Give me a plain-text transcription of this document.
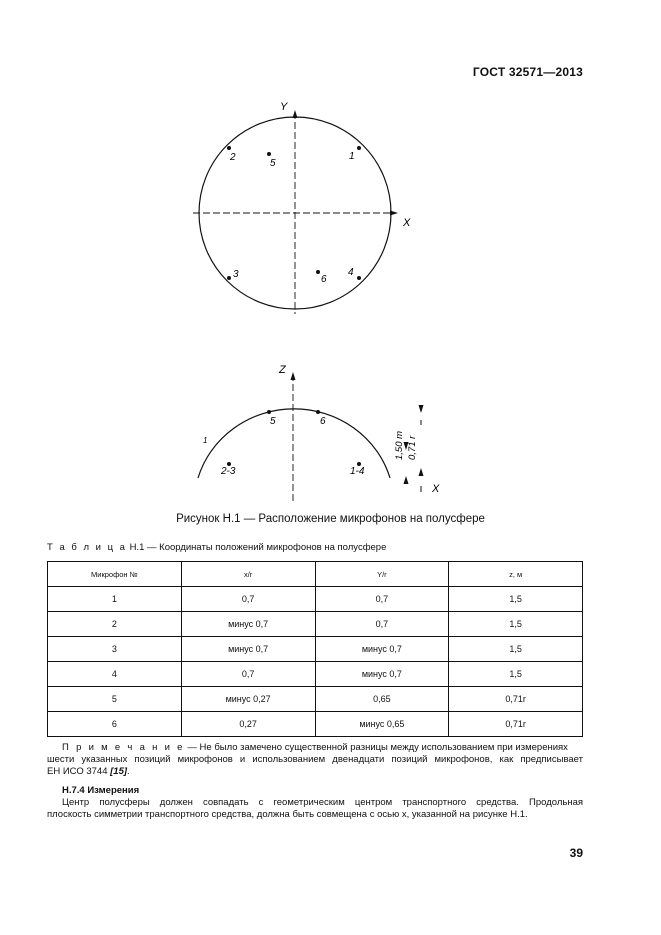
ГОСТ 32571—2013
Y
X
1
2
3	4
5
6
Z
X
5	6
2-3	1-4
1	1,50 m 0,71 r
Рисунок Н.1 — Расположение микрофонов на полусфере
Т а б л и ц а Н.1 — Координаты положений микрофонов на полусфере
Микрофон №	x/r	Y/r	z, м
1	0,7	0,7	1,5
2	минус 0,7	0,7	1,5
3	минус 0,7	минус 0,7	1,5
4	0,7	минус 0,7	1,5
5	минус 0,27	0,65	0,71r
6	0,27	минус 0,65	0,71r
П р и м е ч а н и е — Не было замечено существенной разницы между использованием при измерениях
шести указанных позиций микрофонов и использованием двенадцати позиций микрофонов, как предписывает
ЕН ИСО 3744 [15].
Н.7.4 Измерения
Центр полусферы должен совпадать с геометрическим центром транспортного средства. Продольная
плоскость симметрии транспортного средства, должна быть совмещена с осью x, указанной на рисунке Н.1.
39
